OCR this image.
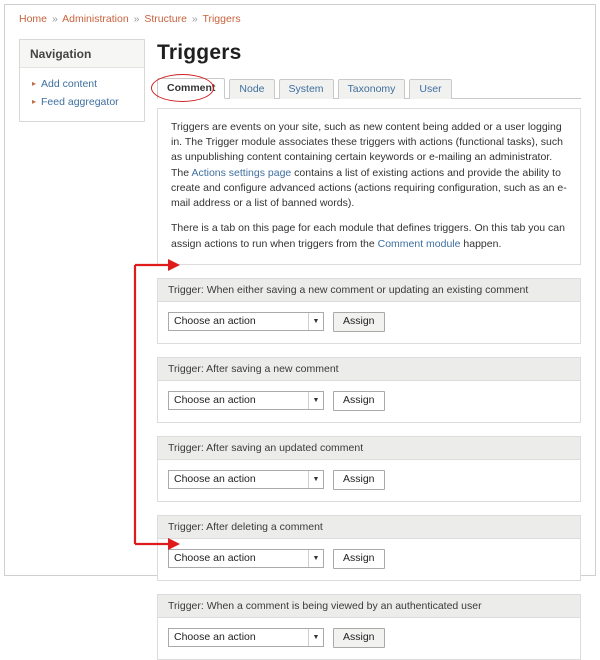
Home » Administration » Structure » Triggers
Navigation
▸ Add content
▸ Feed aggregator
Triggers
Comment	Node	System	Taxonomy	User

Triggers are events on your site, such as new content being added or a user logging in. The Trigger module associates these triggers with actions (functional tasks), such as unpublishing content containing certain keywords or e-mailing an administrator. The Actions settings page contains a list of existing actions and provide the ability to create and configure advanced actions (actions requiring configuration, such as an e-mail address or a list of banned words).

There is a tab on this page for each module that defines triggers. On this tab you can assign actions to run when triggers from the Comment module happen.

Trigger: When either saving a new comment or updating an existing comment
Choose an action	▼	Assign
Trigger: After saving a new comment
Choose an action	▼	Assign
Trigger: After saving an updated comment
Choose an action	▼	Assign
Trigger: After deleting a comment
Choose an action	▼	Assign
Trigger: When a comment is being viewed by an authenticated user
Choose an action	▼	Assign
